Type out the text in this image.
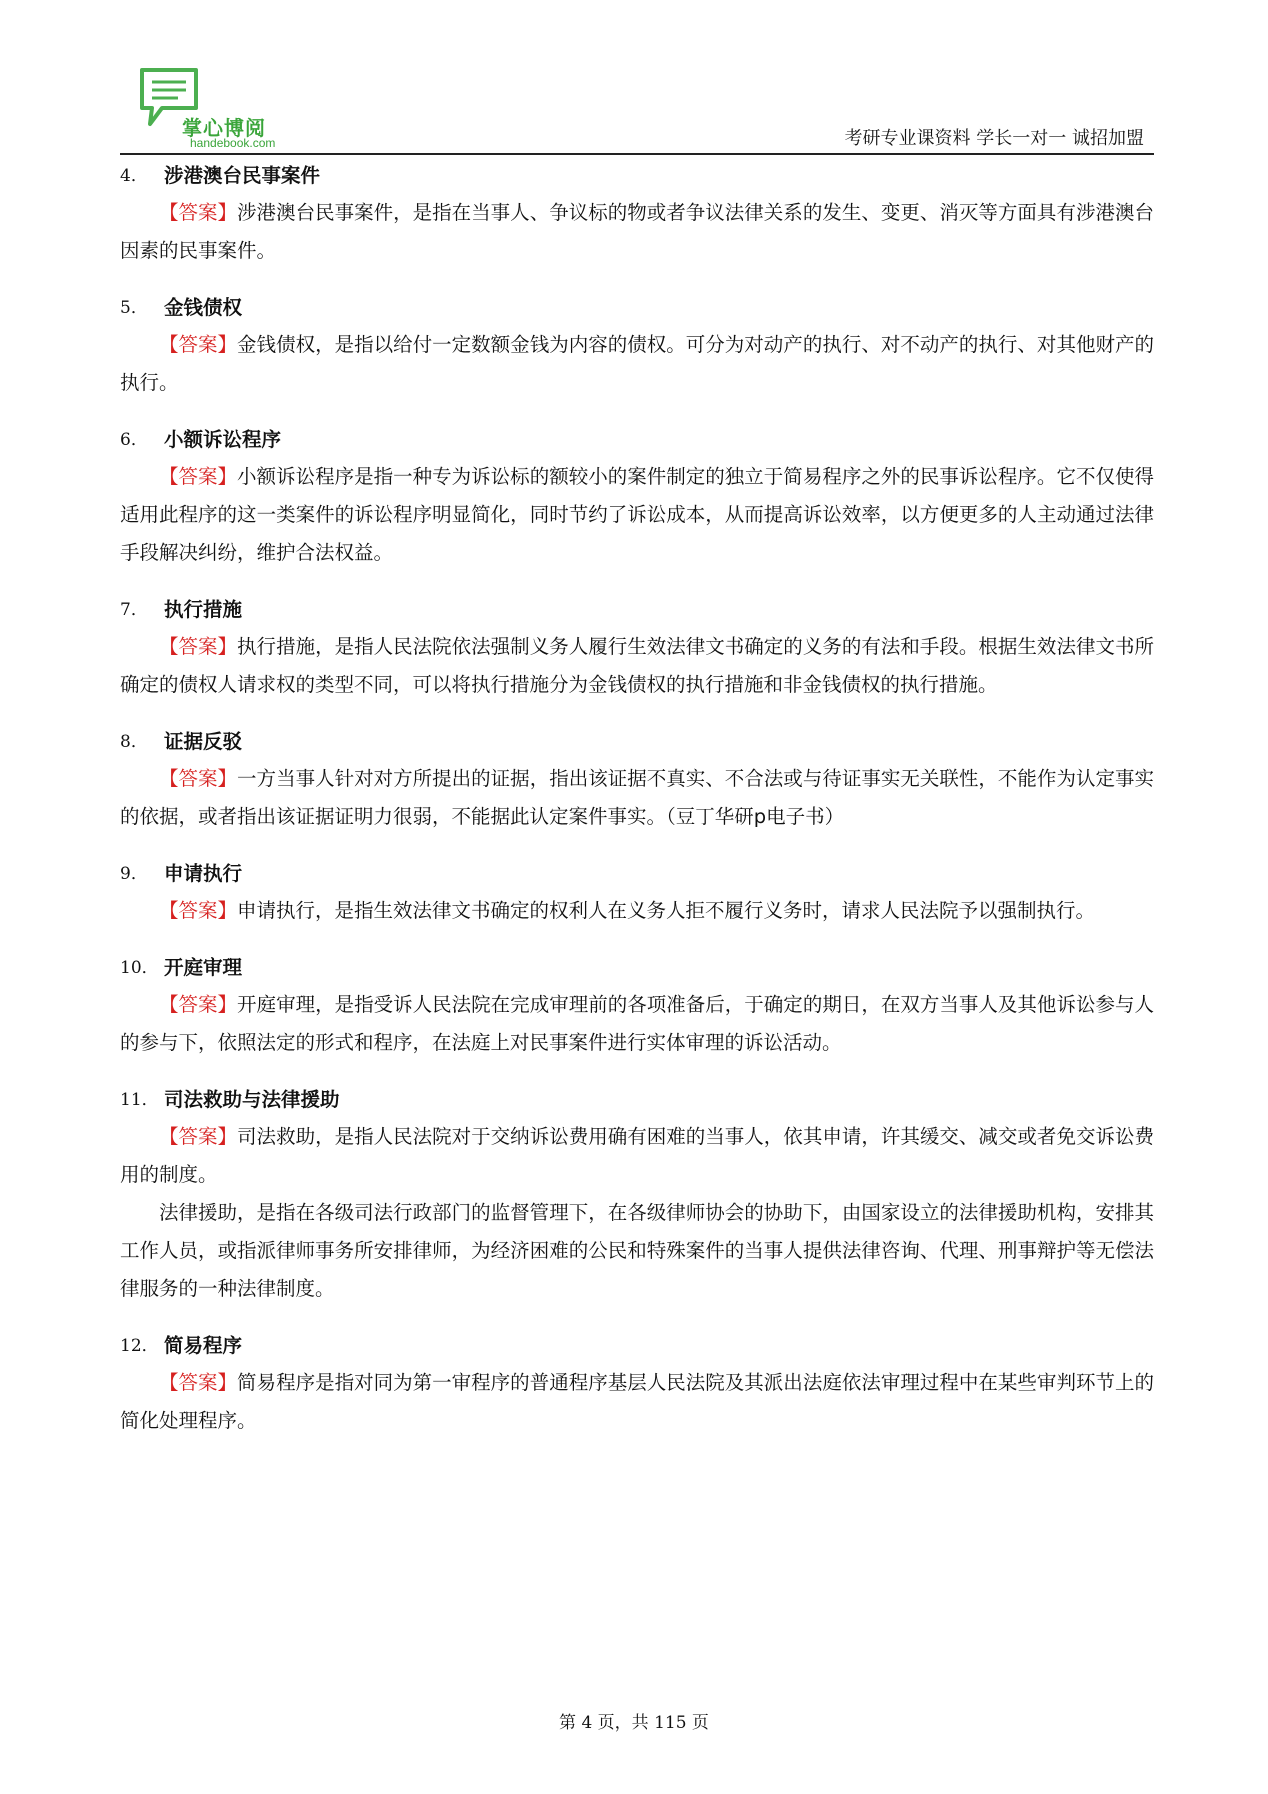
掌心博阅
handebook.com	考研专业课资料 学长一对一 诚招加盟
4． 涉港澳台民事案件

【答案】涉港澳台民事案件，是指在当事人、争议标的物或者争议法律关系的发生、变更、消灭等方面具有涉港澳台因素的民事案件。

5． 金钱债权

【答案】金钱债权，是指以给付一定数额金钱为内容的债权。可分为对动产的执行、对不动产的执行、对其他财产的执行。

6． 小额诉讼程序

【答案】小额诉讼程序是指一种专为诉讼标的额较小的案件制定的独立于简易程序之外的民事诉讼程序。它不仅使得适用此程序的这一类案件的诉讼程序明显简化，同时节约了诉讼成本，从而提高诉讼效率，以方便更多的人主动通过法律手段解决纠纷，维护合法权益。

7． 执行措施

【答案】执行措施，是指人民法院依法强制义务人履行生效法律文书确定的义务的有法和手段。根据生效法律文书所确定的债权人请求权的类型不同，可以将执行措施分为金钱债权的执行措施和非金钱债权的执行措施。

8． 证据反驳

【答案】一方当事人针对对方所提出的证据，指出该证据不真实、不合法或与待证事实无关联性，不能作为认定事实的依据，或者指出该证据证明力很弱，不能据此认定案件事实。（豆丁华研p电子书）

9． 申请执行

【答案】申请执行，是指生效法律文书确定的权利人在义务人拒不履行义务时，请求人民法院予以强制执行。

10． 开庭审理

【答案】开庭审理，是指受诉人民法院在完成审理前的各项准备后，于确定的期日，在双方当事人及其他诉讼参与人的参与下，依照法定的形式和程序，在法庭上对民事案件进行实体审理的诉讼活动。

11． 司法救助与法律援助

【答案】司法救助，是指人民法院对于交纳诉讼费用确有困难的当事人，依其申请，许其缓交、减交或者免交诉讼费用的制度。

法律援助，是指在各级司法行政部门的监督管理下，在各级律师协会的协助下，由国家设立的法律援助机构，安排其工作人员，或指派律师事务所安排律师，为经济困难的公民和特殊案件的当事人提供法律咨询、代理、刑事辩护等无偿法律服务的一种法律制度。

12． 简易程序

【答案】简易程序是指对同为第一审程序的普通程序基层人民法院及其派出法庭依法审理过程中在某些审判环节上的简化处理程序。

第 4 页，共 115 页
